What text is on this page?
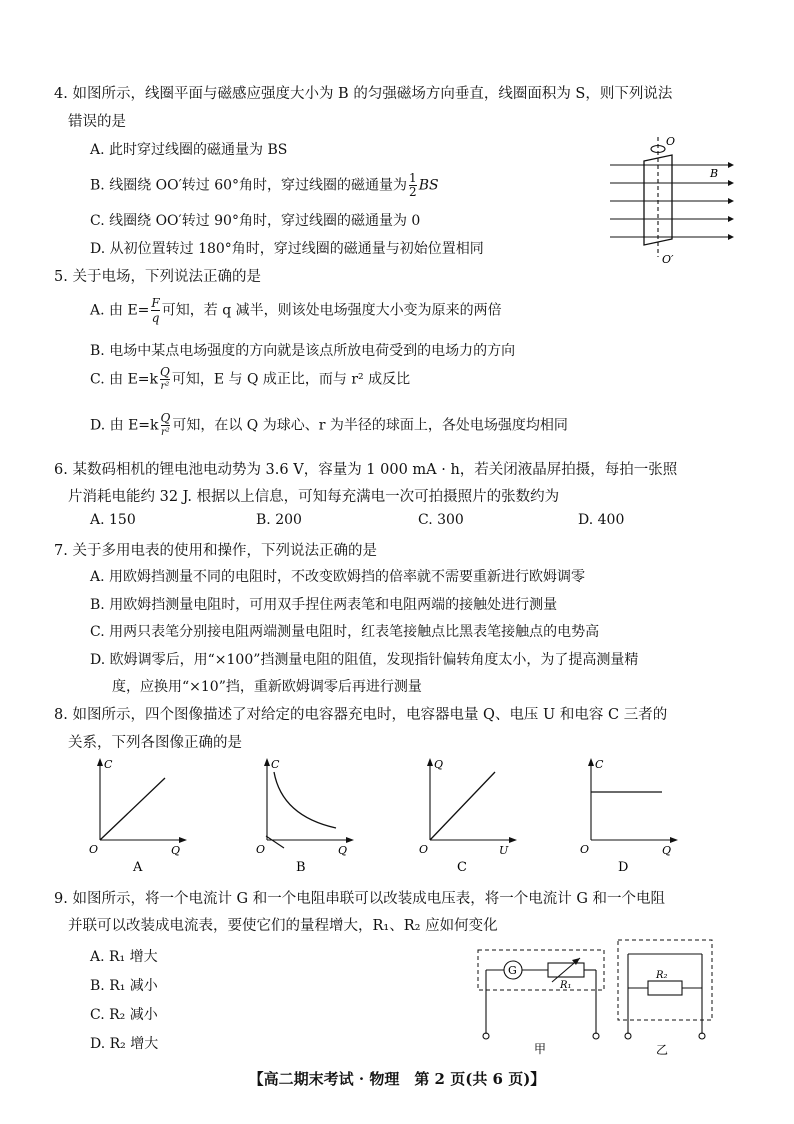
4. 如图所示，线圈平面与磁感应强度大小为 B 的匀强磁场方向垂直，线圈面积为 S，则下列说法
错误的是
A. 此时穿过线圈的磁通量为 BS
B. 线圈绕 OO′转过 60°角时，穿过线圈的磁通量为 $\frac{1}{2}$ BS
C. 线圈绕 OO′转过 90°角时，穿过线圈的磁通量为 0
D. 从初位置转过 180°角时，穿过线圈的磁通量与初始位置相同
O
B
O′
5. 关于电场，下列说法正确的是
A. 由 $E= \frac{F}{q}$ 可知，若 q 减半，则该处电场强度大小变为原来的两倍
B. 电场中某点电场强度的方向就是该点所放电荷受到的电场力的方向
C. 由 E=k Q
r² 可知，E 与 Q 成正比，而与 r² 成反比
D. 由 E=k Q
r² 可知，在以 Q 为球心、r 为半径的球面上，各处电场强度均相同
6. 某数码相机的锂电池电动势为 3.6 V，容量为 1 000 mA · h，若关闭液晶屏拍摄，每拍一张照
片消耗电能约 32 J. 根据以上信息，可知每充满电一次可拍摄照片的张数约为
A. 150	B. 200	C. 300	D. 400
7. 关于多用电表的使用和操作，下列说法正确的是
A. 用欧姆挡测量不同的电阻时，不改变欧姆挡的倍率就不需要重新进行欧姆调零
B. 用欧姆挡测量电阻时，可用双手捏住两表笔和电阻两端的接触处进行测量
C. 用两只表笔分别接电阻两端测量电阻时，红表笔接触点比黑表笔接触点的电势高
D. 欧姆调零后，用“×100”挡测量电阻的阻值，发现指针偏转角度太小，为了提高测量精
度，应换用“×10”挡，重新欧姆调零后再进行测量
8. 如图所示，四个图像描述了对给定的电容器充电时，电容器电量 Q、电压 U 和电容 C 三者的
关系，下列各图像正确的是
C
Q
O
A
C
Q
O
B
Q
U
O
C
C
Q
O
D
9. 如图所示，将一个电流计 G 和一个电阻串联可以改装成电压表，将一个电流计 G 和一个电阻
并联可以改装成电流表，要使它们的量程增大，R₁、R₂ 应如何变化
A. R₁ 增大
B. R₁ 减小
C. R₂ 减小
D. R₂ 增大
G
R₁
甲
R₂
乙
【高二期末考试 · 物理　第 2 页(共 6 页)】
